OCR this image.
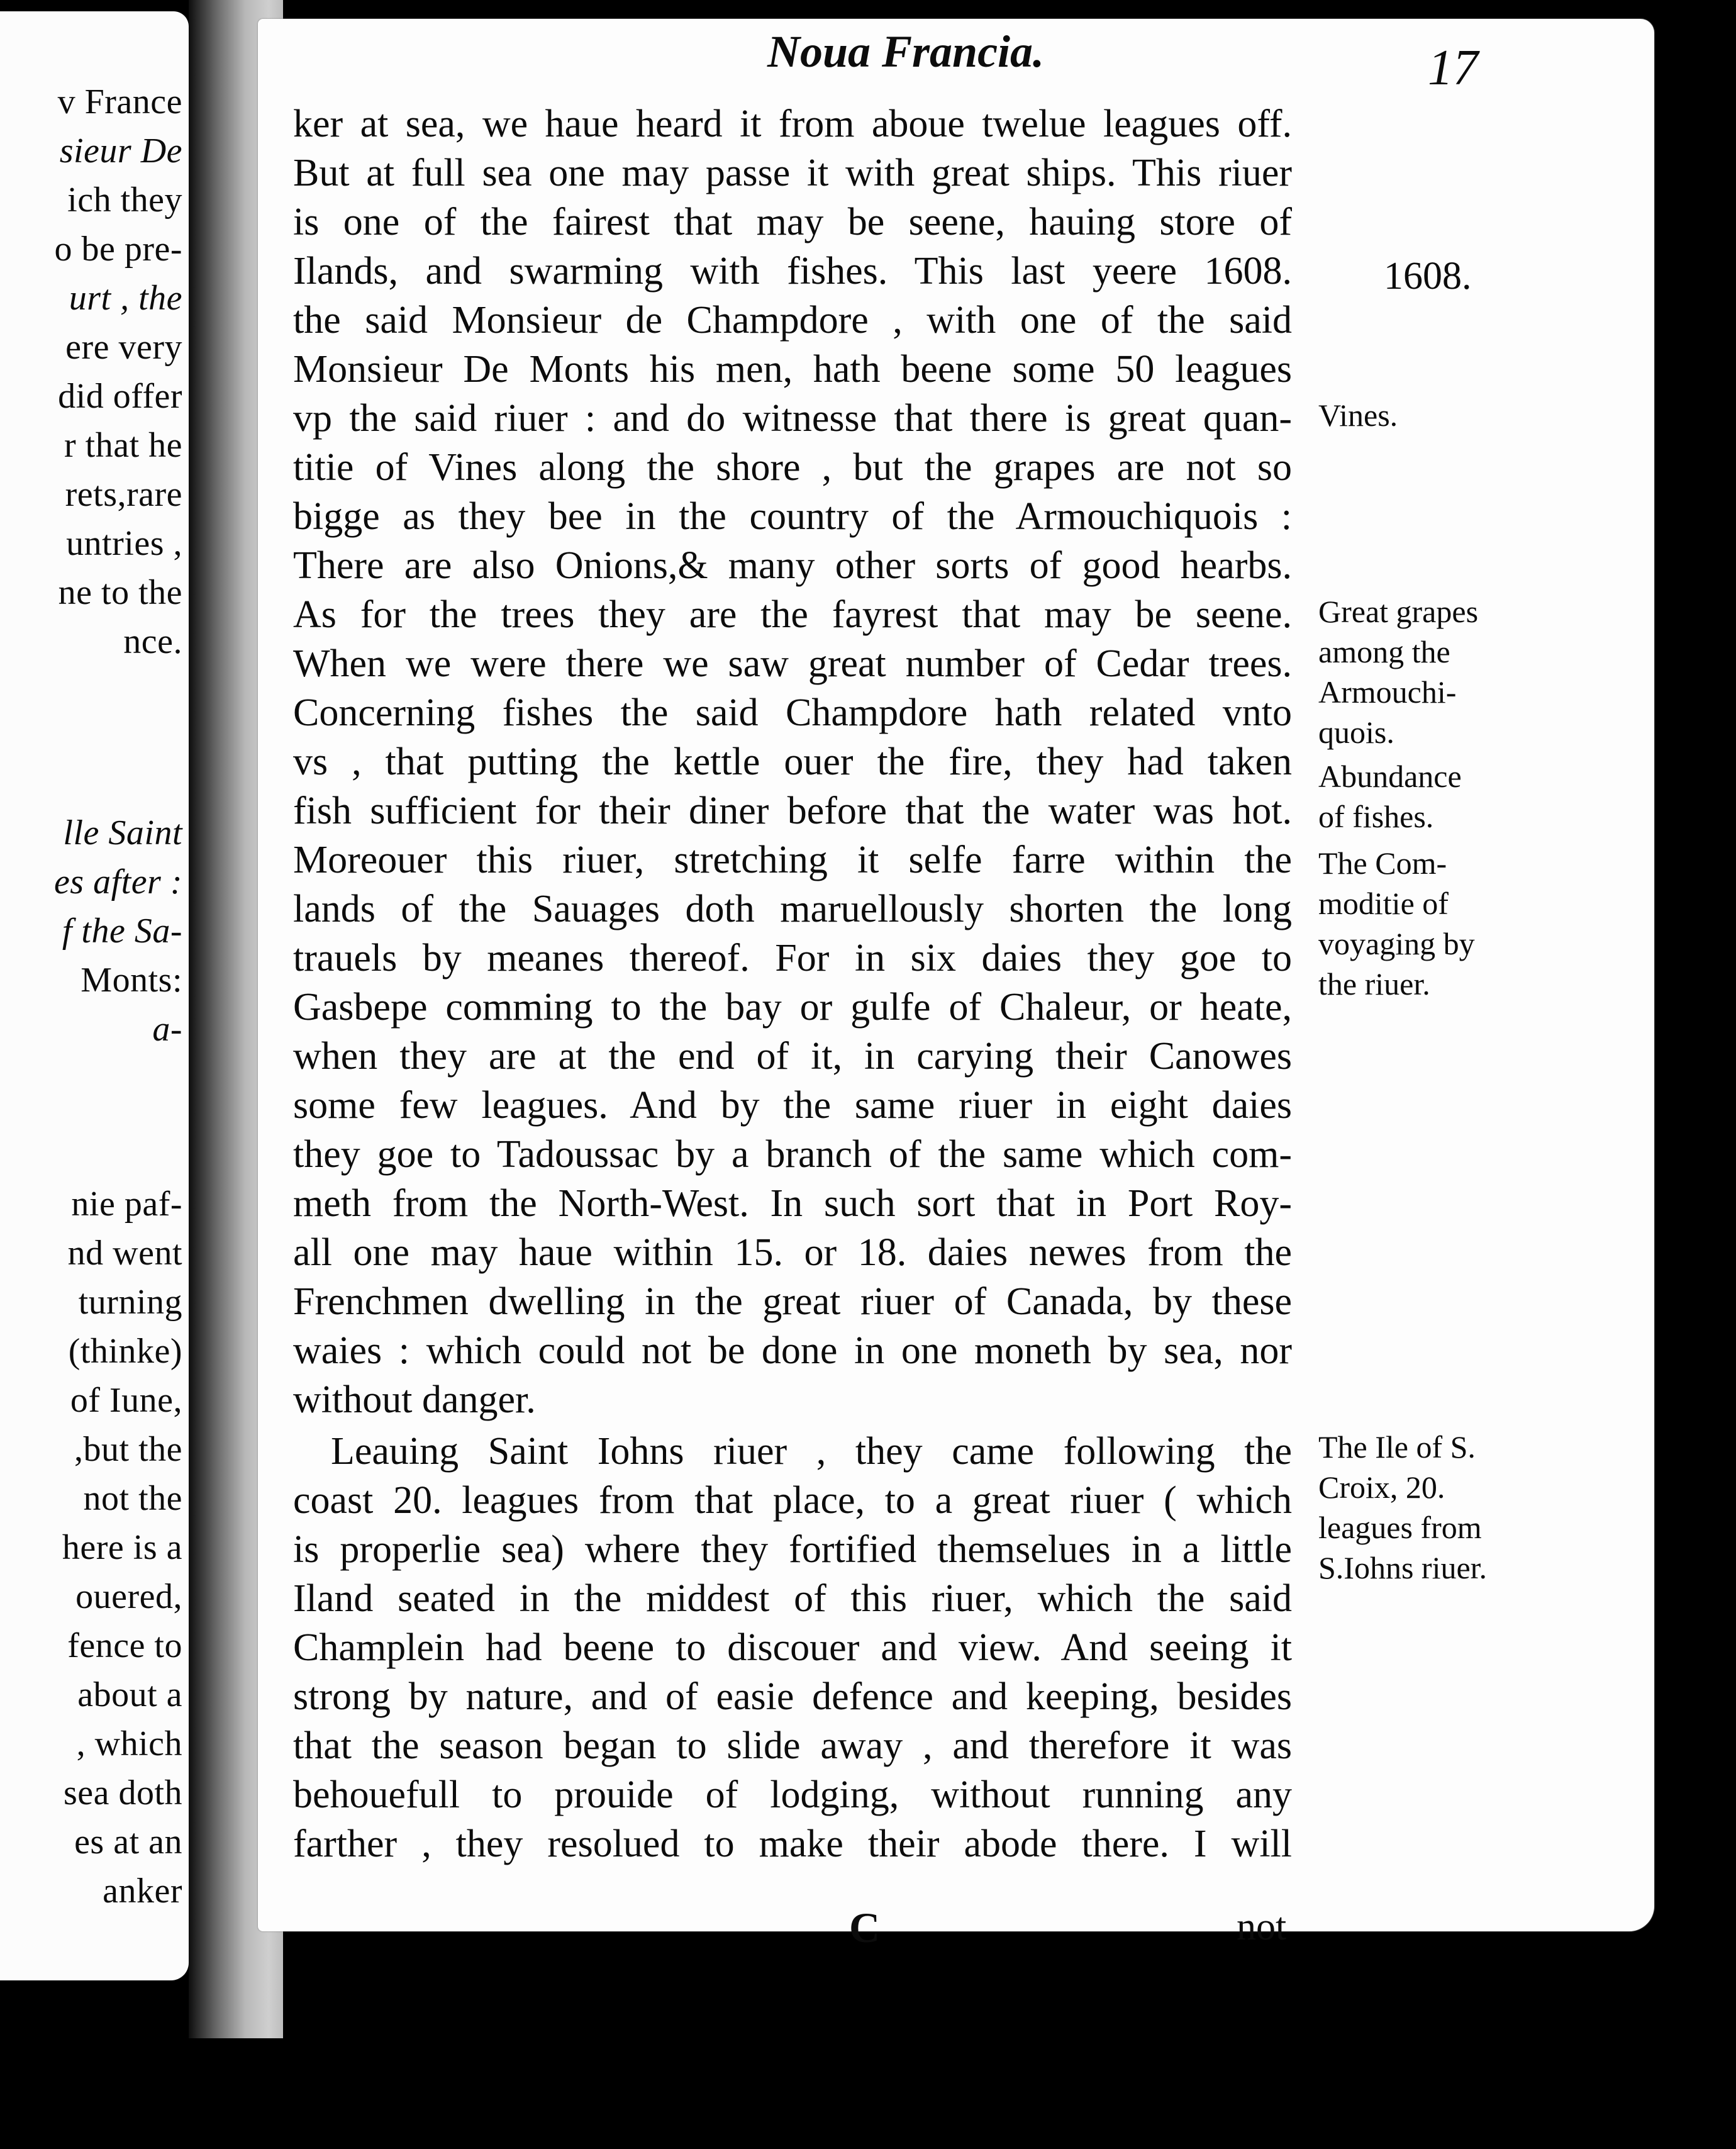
v France
sieur De
ich they
o be pre-
urt , the
ere very
did offer
r that he
rets,rare
untries ,
ne to the
nce.
lle Saint
es after :
f the Sa-
Monts:
a-
nie paf-
nd went
turning
(thinke)
of Iune,
,but the
not the
here is a
ouered,
fence to
about a
, which
sea doth
es at an
anker
Noua Francia.	17
ker at sea, we haue heard it from aboue twelue leagues off.
But at full sea one may passe it with great ships. This riuer
is one of the fairest that may be seene, hauing store of
Ilands, and swarming with fishes. This last yeere 1608.
the said Monsieur de Champdore , with one of the said
Monsieur De Monts his men, hath beene some 50 leagues
vp the said riuer : and do witnesse that there is great quan-
titie of Vines along the shore , but the grapes are not so
bigge as they bee in the country of the Armouchiquois :
There are also Onions,& many other sorts of good hearbs.
As for the trees they are the fayrest that may be seene.
When we were there we saw great number of Cedar trees.
Concerning fishes the said Champdore hath related vnto
vs , that putting the kettle ouer the fire, they had taken
fish sufficient for their diner before that the water was hot.
Moreouer this riuer, stretching it selfe farre within the
lands of the Sauages doth maruellously shorten the long
trauels by meanes thereof. For in six daies they goe to
Gasbepe comming to the bay or gulfe of Chaleur, or heate,
when they are at the end of it, in carying their Canowes
some few leagues. And by the same riuer in eight daies
they goe to Tadoussac by a branch of the same which com-
meth from the North-West. In such sort that in Port Roy-
all one may haue within 15. or 18. daies newes from the
Frenchmen dwelling in the great riuer of Canada, by these
waies : which could not be done in one moneth by sea, nor
without danger.
Leauing Saint Iohns riuer , they came following the
coast 20. leagues from that place, to a great riuer ( which
is properlie sea) where they fortified themselues in a little
Iland seated in the middest of this riuer, which the said
Champlein had beene to discouer and view. And seeing it
strong by nature, and of easie defence and keeping, besides
that the season began to slide away , and therefore it was
behouefull to prouide of lodging, without running any
farther , they resolued to make their abode there. I will
1608.
Vines.
Great grapes
among the
Armouchi-
quois.
Abundance
of fishes.
The Com-
moditie of
voyaging by
the riuer.
The Ile of S.
Croix, 20.
leagues from
S.Iohns riuer.
C	not
